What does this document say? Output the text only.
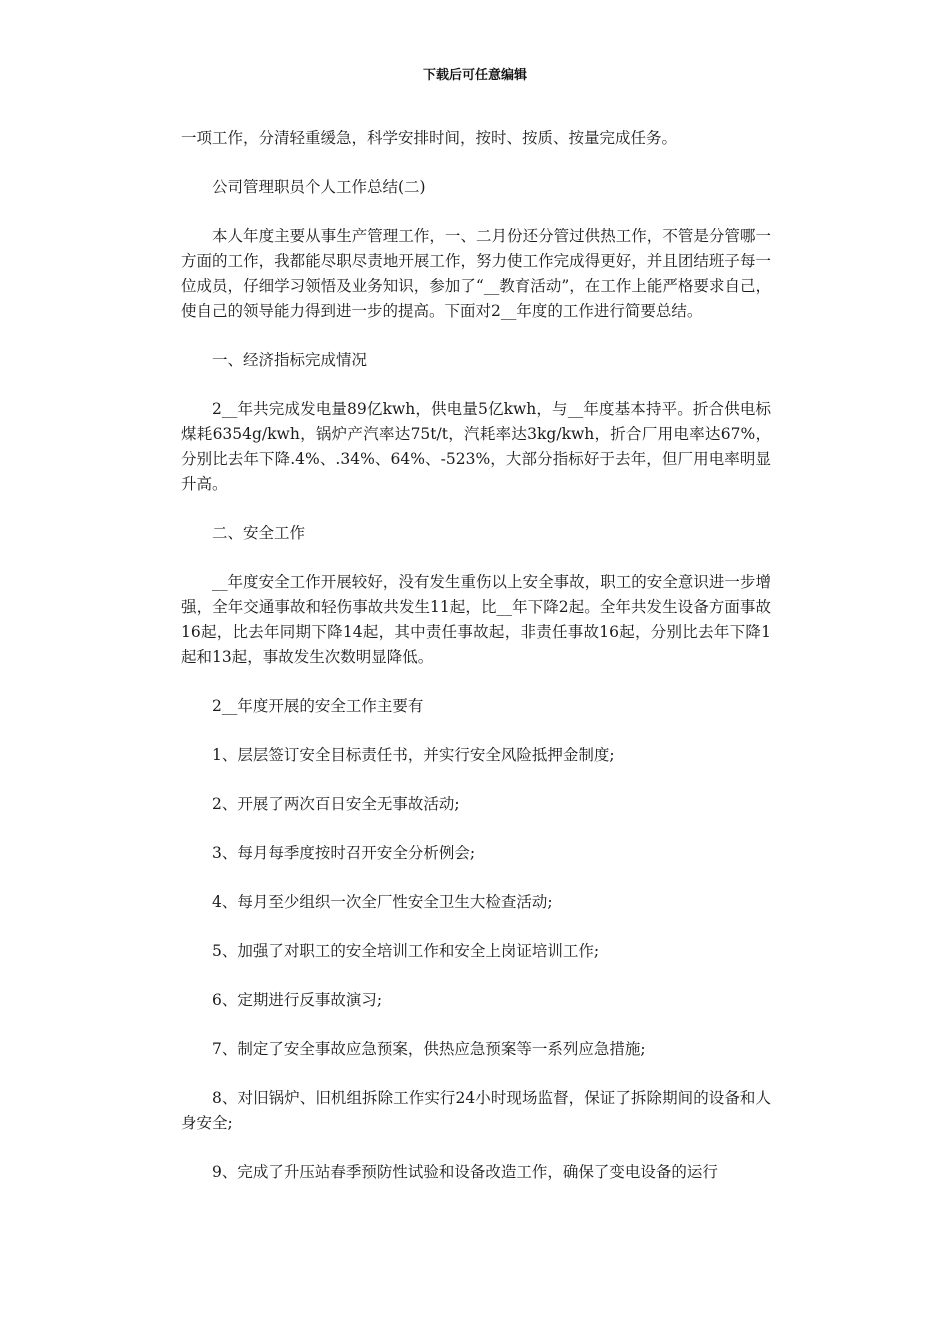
下载后可任意编辑

一项工作，分清轻重缓急，科学安排时间，按时、按质、按量完成任务。

公司管理职员个人工作总结(二)

本人年度主要从事生产管理工作，一、二月份还分管过供热工作，不管是分管哪一方面的工作，我都能尽职尽责地开展工作，努力使工作完成得更好，并且团结班子每一位成员，仔细学习领悟及业务知识，参加了“__教育活动”，在工作上能严格要求自己，使自己的领导能力得到进一步的提高。下面对2__年度的工作进行简要总结。

一、经济指标完成情况

2__年共完成发电量89亿kwh，供电量5亿kwh，与__年度基本持平。折合供电标煤耗6354g/kwh，锅炉产汽率达75t/t，汽耗率达3kg/kwh，折合厂用电率达67%，分别比去年下降.4%、.34%、64%、-523%，大部分指标好于去年，但厂用电率明显升高。

二、安全工作

__年度安全工作开展较好，没有发生重伤以上安全事故，职工的安全意识进一步增强，全年交通事故和轻伤事故共发生11起，比__年下降2起。全年共发生设备方面事故16起，比去年同期下降14起，其中责任事故起，非责任事故16起，分别比去年下降1起和13起，事故发生次数明显降低。

2__年度开展的安全工作主要有

1、层层签订安全目标责任书，并实行安全风险抵押金制度;

2、开展了两次百日安全无事故活动;

3、每月每季度按时召开安全分析例会;

4、每月至少组织一次全厂性安全卫生大检查活动;

5、加强了对职工的安全培训工作和安全上岗证培训工作;

6、定期进行反事故演习;

7、制定了安全事故应急预案，供热应急预案等一系列应急措施;

8、对旧锅炉、旧机组拆除工作实行24小时现场监督，保证了拆除期间的设备和人身安全;

9、完成了升压站春季预防性试验和设备改造工作，确保了变电设备的运行
